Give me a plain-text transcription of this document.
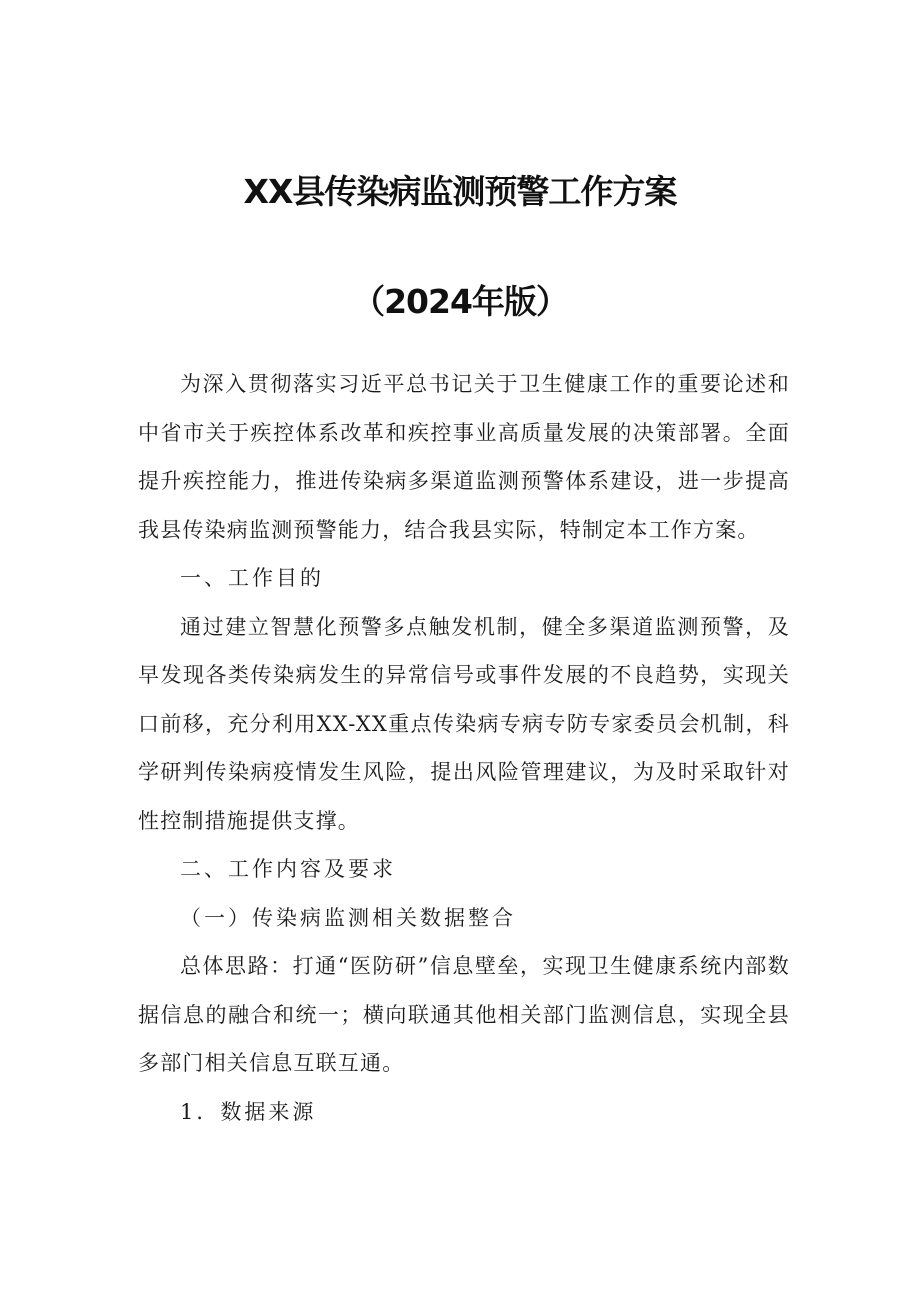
XX县传染病监测预警工作方案
（2024年版）

为深入贯彻落实习近平总书记关于卫生健康工作的重要论述和中省市关于疾控体系改革和疾控事业高质量发展的决策部署。全面提升疾控能力，推进传染病多渠道监测预警体系建设，进一步提高我县传染病监测预警能力，结合我县实际，特制定本工作方案。

一、工作目的

通过建立智慧化预警多点触发机制，健全多渠道监测预警，及早发现各类传染病发生的异常信号或事件发展的不良趋势，实现关口前移，充分利用XX-XX重点传染病专病专防专家委员会机制，科学研判传染病疫情发生风险，提出风险管理建议，为及时采取针对性控制措施提供支撑。

二、工作内容及要求

（一）传染病监测相关数据整合

总体思路：打通“医防研”信息壁垒，实现卫生健康系统内部数据信息的融合和统一；横向联通其他相关部门监测信息，实现全县多部门相关信息互联互通。

1．数据来源
